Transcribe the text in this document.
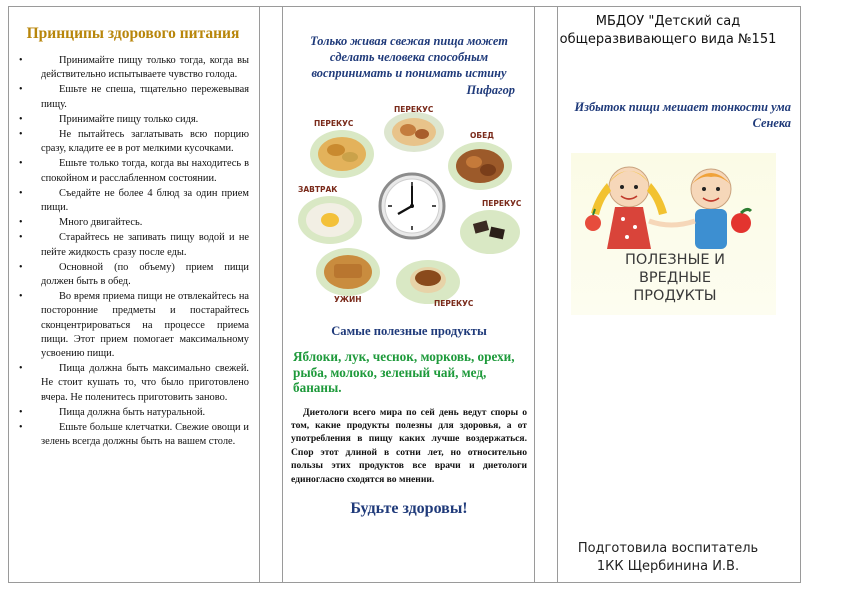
Принципы здорового питания
•	Принимайте пищу только тогда, когда вы действительно испытываете чувство голода.
•	Ешьте не спеша, тщательно пережевывая пищу.
•	Принимайте пищу только сидя.
•	Не пытайтесь заглатывать всю порцию сразу, кладите ее в рот мелкими кусочками.
•	Ешьте только тогда, когда вы находитесь в спокойном и расслабленном состоянии.
•	Съедайте не более 4 блюд за один прием пищи.
•	Много двигайтесь.
•	Старайтесь не запивать пищу водой и не пейте жидкость сразу после еды.
•	Основной (по объему) прием пищи должен быть в обед.
•	Во время приема пищи не отвлекайтесь на посторонние предметы и постарайтесь сконцентрироваться на процессе приема пищи. Этот прием помогает максимальному усвоению пищи.
•	Пища должна быть максимально свежей. Не стоит кушать то, что было приготовлено вчера. Не поленитесь приготовить заново.
•	Пища должна быть натуральной.
•	Ешьте больше клетчатки. Свежие овощи и зелень всегда должны быть на вашем столе.

Только живая свежая пища может сделать человека способным воспринимать и понимать истину

Пифагор

ПЕРЕКУС
ПЕРЕКУС
ОБЕД
ЗАВТРАК
ПЕРЕКУС
УЖИН	ПЕРЕКУС
Самые полезные продукты

Яблоки, лук, чеснок, морковь, орехи, рыба, молоко, зеленый чай, мед, бананы.

Диетологи всего мира по сей день ведут споры о том, какие продукты полезны для здоровья, а от употребления в пищу каких лучше воздержаться. Спор этот длиной в сотни лет, но относительно пользы этих продуктов все врачи и диетологи единогласно сходятся во мнении.

Будьте здоровы!

МБДОУ "Детский сад

общеразвивающего вида №151

Избыток пищи мешает тонкости ума
Сенека

ПОЛЕЗНЫЕ И
ВРЕДНЫЕ
ПРОДУКТЫ
Подготовила воспитатель
1КК Щербинина И.В.
